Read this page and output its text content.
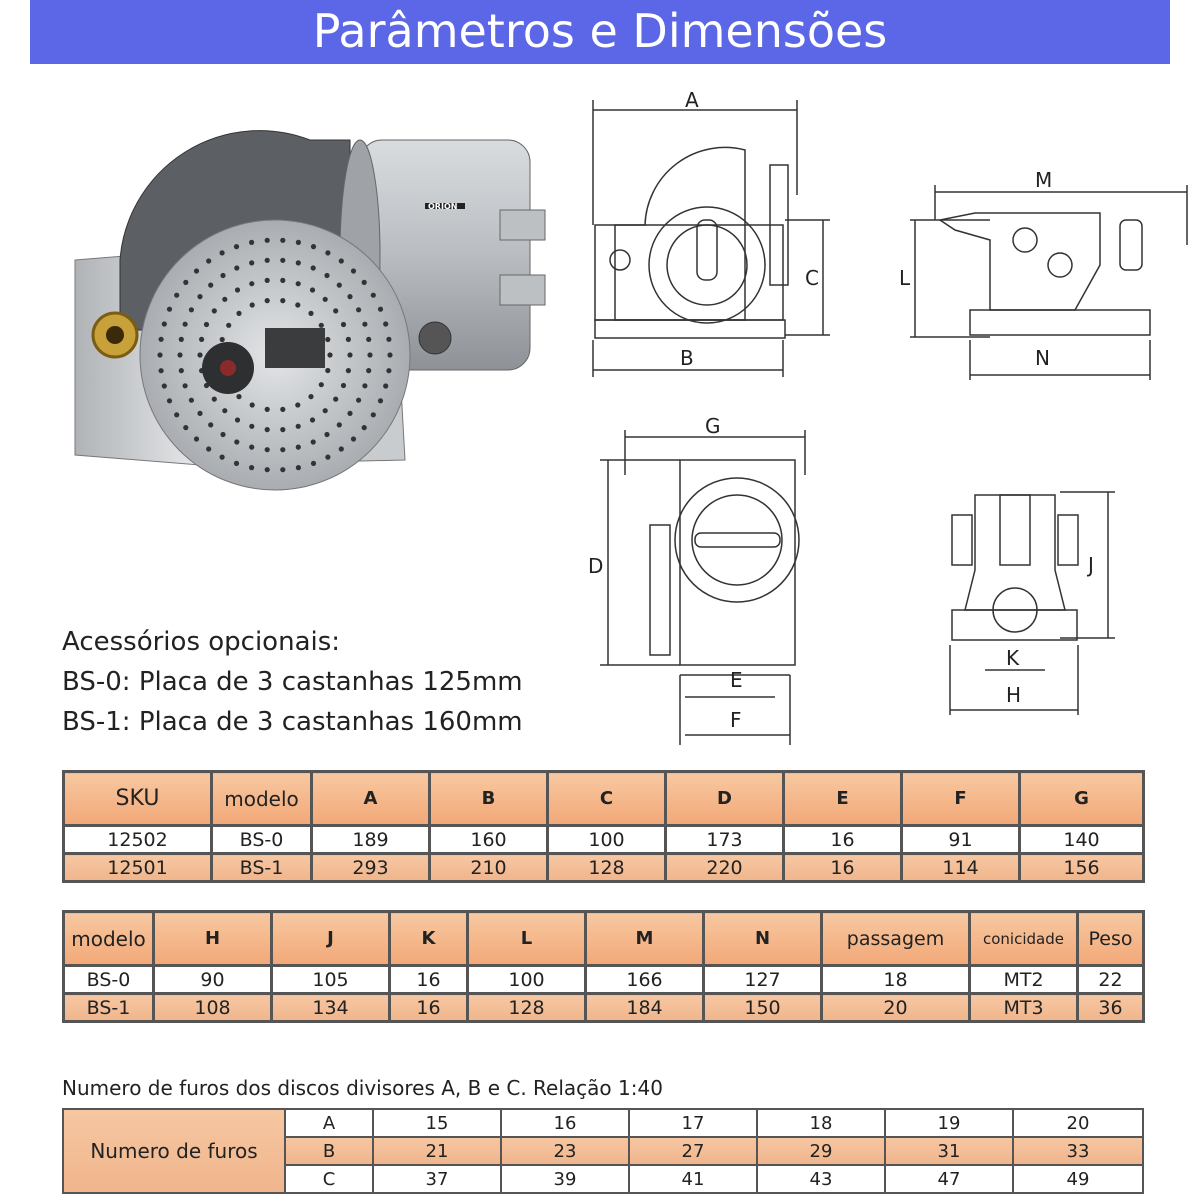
Parâmetros e Dimensões
ORION
A
B
C
M
L
N
G
D
E
F
J
K
H
Acessórios opcionais:
BS-0: Placa de 3 castanhas 125mm
BS-1: Placa de 3 castanhas 160mm
SKU	modelo	A	B	C	D	E	F	G
12502	BS-0	189	160	100	173	16	91	140
12501	BS-1	293	210	128	220	16	114	156
modelo	H	J	K	L	M	N	passagem	conicidade	Peso
BS-0	90	105	16	100	166	127	18	MT2	22
BS-1	108	134	16	128	184	150	20	MT3	36
Numero de furos dos discos divisores A, B e C. Relação 1:40
Numero de furos	A	15	16	17	18	19	20
	B	21	23	27	29	31	33
	C	37	39	41	43	47	49
